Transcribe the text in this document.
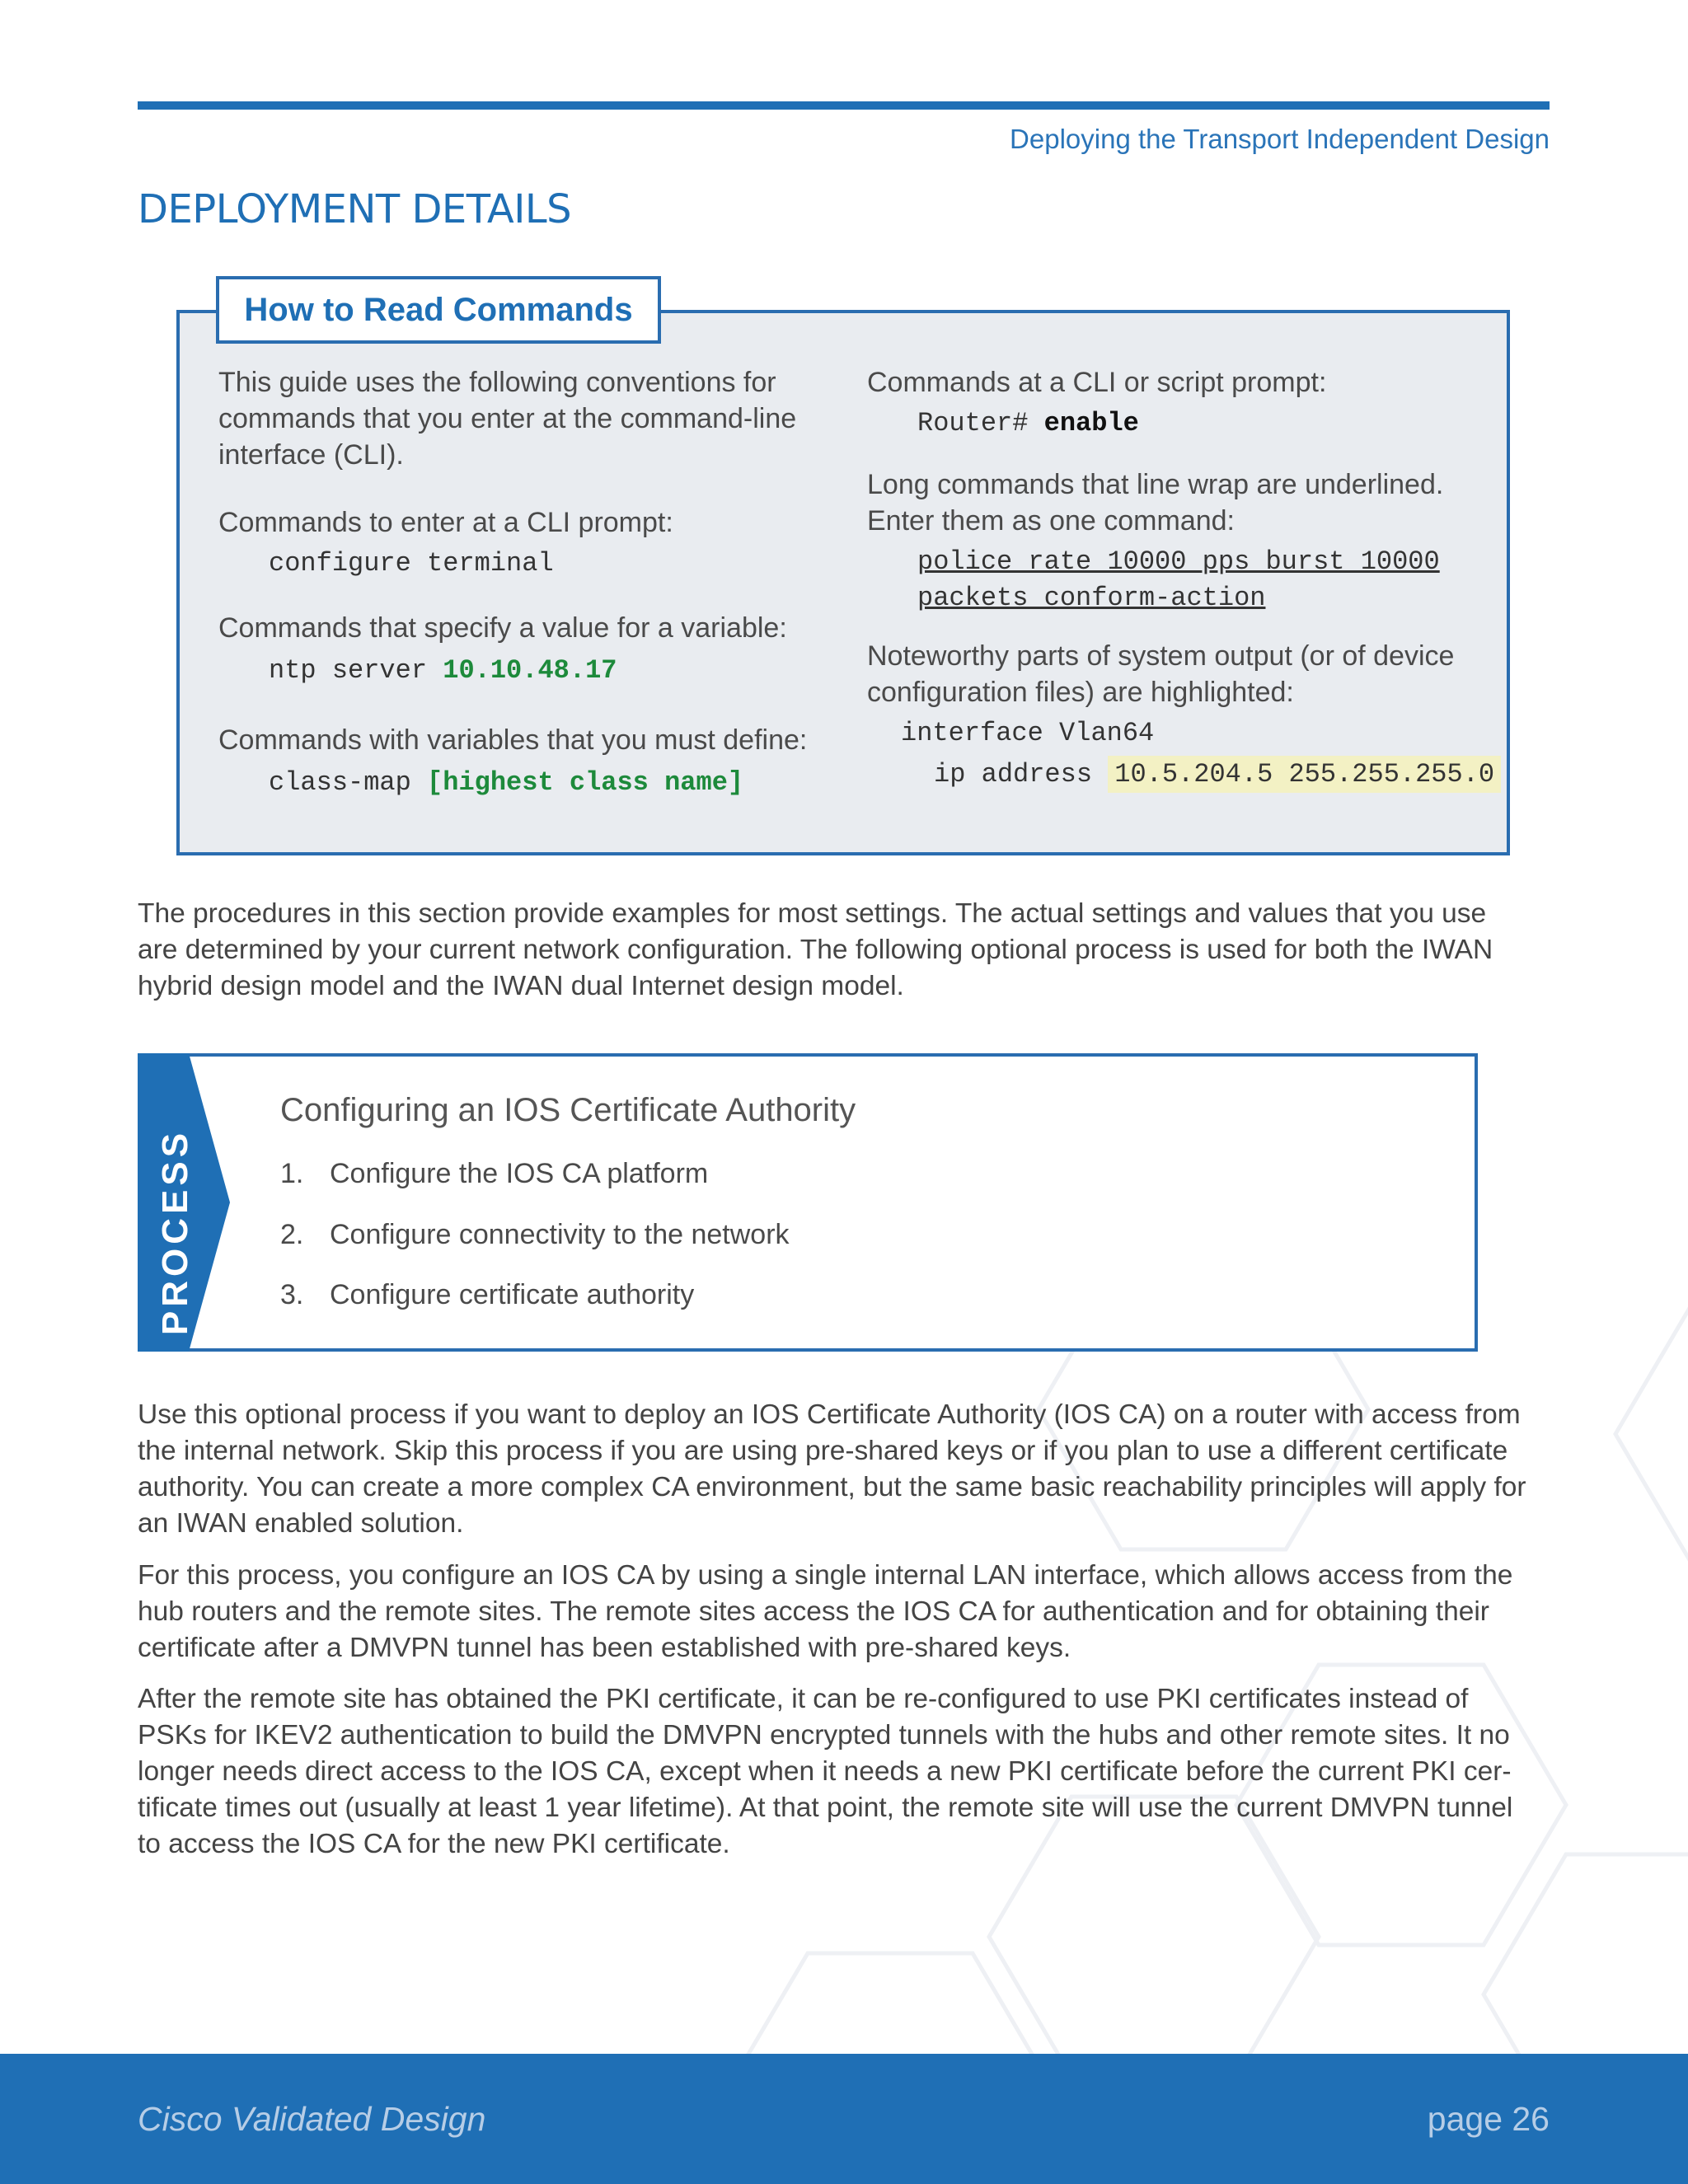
Deploying the Transport Independent Design
DEPLOYMENT DETAILS
How to Read Commands
This guide uses the following conventions for
commands that you enter at the command-line
interface (CLI).
Commands to enter at a CLI prompt:
configure terminal
Commands that specify a value for a variable:
ntp server 10.10.48.17
Commands with variables that you must define:
class-map [highest class name]
Commands at a CLI or script prompt:
Router# enable
Long commands that line wrap are underlined.
Enter them as one command:
police rate 10000 pps burst 10000
packets conform-action
Noteworthy parts of system output (or of device
configuration files) are highlighted:
interface Vlan64
ip address 10.5.204.5 255.255.255.0
The procedures in this section provide examples for most settings. The actual settings and values that you use
are determined by your current network configuration. The following optional process is used for both the IWAN
hybrid design model and the IWAN dual Internet design model.
PROCESS
Configuring an IOS Certificate Authority
1. Configure the IOS CA platform
2. Configure connectivity to the network
3. Configure certificate authority
Use this optional process if you want to deploy an IOS Certificate Authority (IOS CA) on a router with access from
the internal network. Skip this process if you are using pre-shared keys or if you plan to use a different certificate
authority. You can create a more complex CA environment, but the same basic reachability principles will apply for
an IWAN enabled solution.
For this process, you configure an IOS CA by using a single internal LAN interface, which allows access from the
hub routers and the remote sites. The remote sites access the IOS CA for authentication and for obtaining their
certificate after a DMVPN tunnel has been established with pre-shared keys.
After the remote site has obtained the PKI certificate, it can be re-configured to use PKI certificates instead of
PSKs for IKEV2 authentication to build the DMVPN encrypted tunnels with the hubs and other remote sites. It no
longer needs direct access to the IOS CA, except when it needs a new PKI certificate before the current PKI cer-
tificate times out (usually at least 1 year lifetime). At that point, the remote site will use the current DMVPN tunnel
to access the IOS CA for the new PKI certificate.
Cisco Validated Design	page 26
